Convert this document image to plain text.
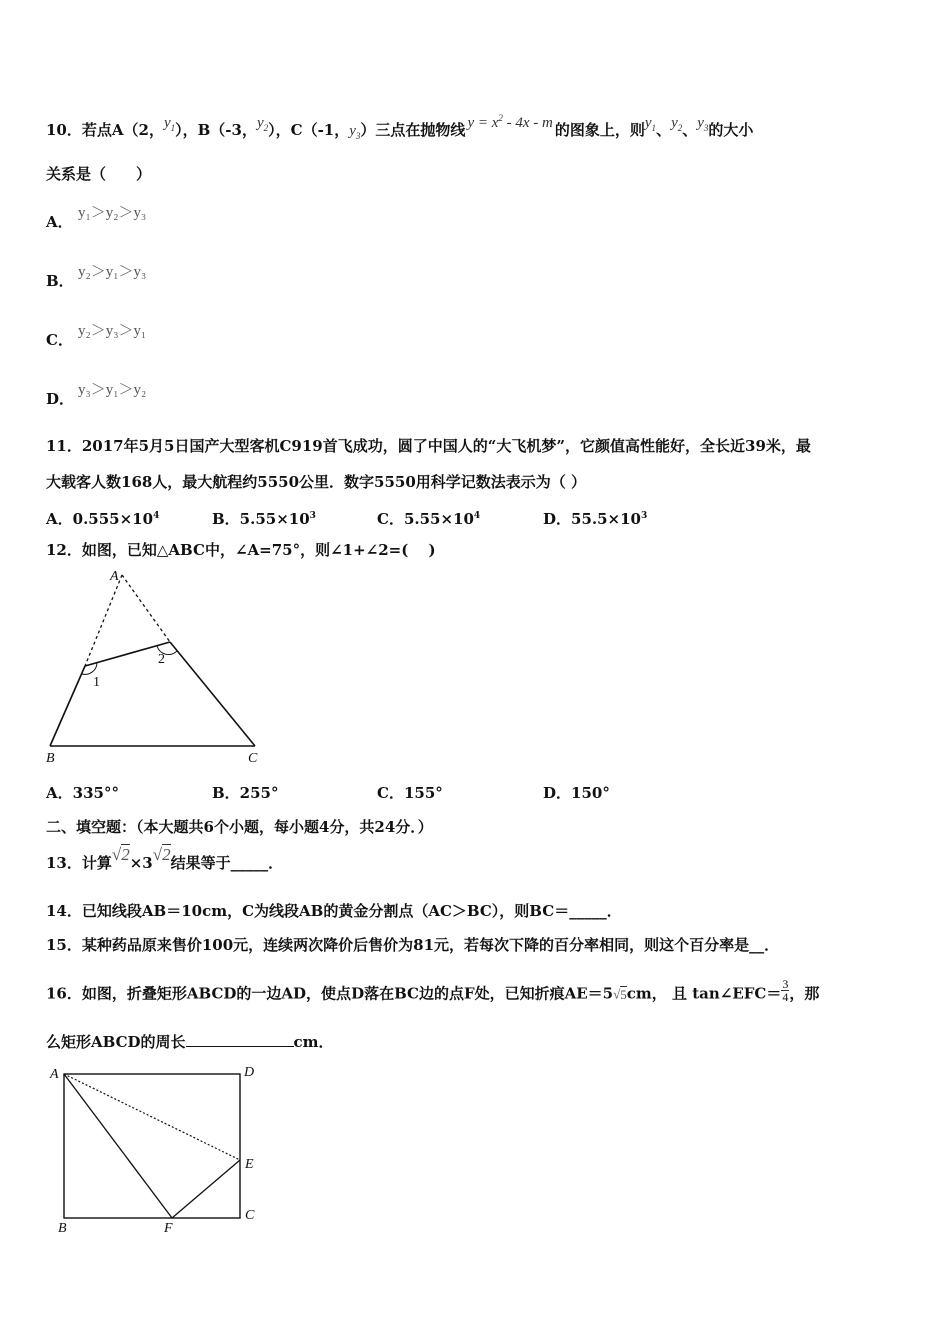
10．若点A（2，$y_1$），B（-3，$y_2$），C（-1，$y_3$）三点在抛物线 $y = x^2 - 4x - m$ 的图象上，则$y_1$、$y_2$、$y_3$的大小
关系是（　　）
A． y₁＞y₂＞y₃
B． y₂＞y₁＞y₃
C． y₂＞y₃＞y₁
D． y₃＞y₁＞y₂
11．2017年5月5日国产大型客机C919首飞成功，圆了中国人的“大飞机梦”，它颜值高性能好，全长近39米，最
大载客人数168人，最大航程约5550公里．数字5550用科学记数法表示为（ ）
A．$0.555\times 10^4$	B．$5.55\times 10^3$	C．$5.55\times 10^4$	D．$55.5\times 10^3$
12．如图，已知△ABC中，∠A=75°，则∠1+∠2=(　 )
A
1
2
B	C
A．335°°	B．255°	C．155°	D．150°
二、填空题：（本大题共6个小题，每小题4分，共24分．）
13．计算√2×3√2结果等于_____．
14．已知线段AB＝10cm，C为线段AB的黄金分割点（AC＞BC），则BC＝_____．
15．某种药品原来售价100元，连续两次降价后售价为81元，若每次下降的百分率相同，则这个百分率是__．
16．如图，折叠矩形ABCD的一边AD，使点D落在BC边的点F处，已知折痕AE＝5√5cm， 且 tan∠EFC＝ $\frac{3}{4}$ ，那
么矩形ABCD的周长	cm．
A	D
E
C
B	F
